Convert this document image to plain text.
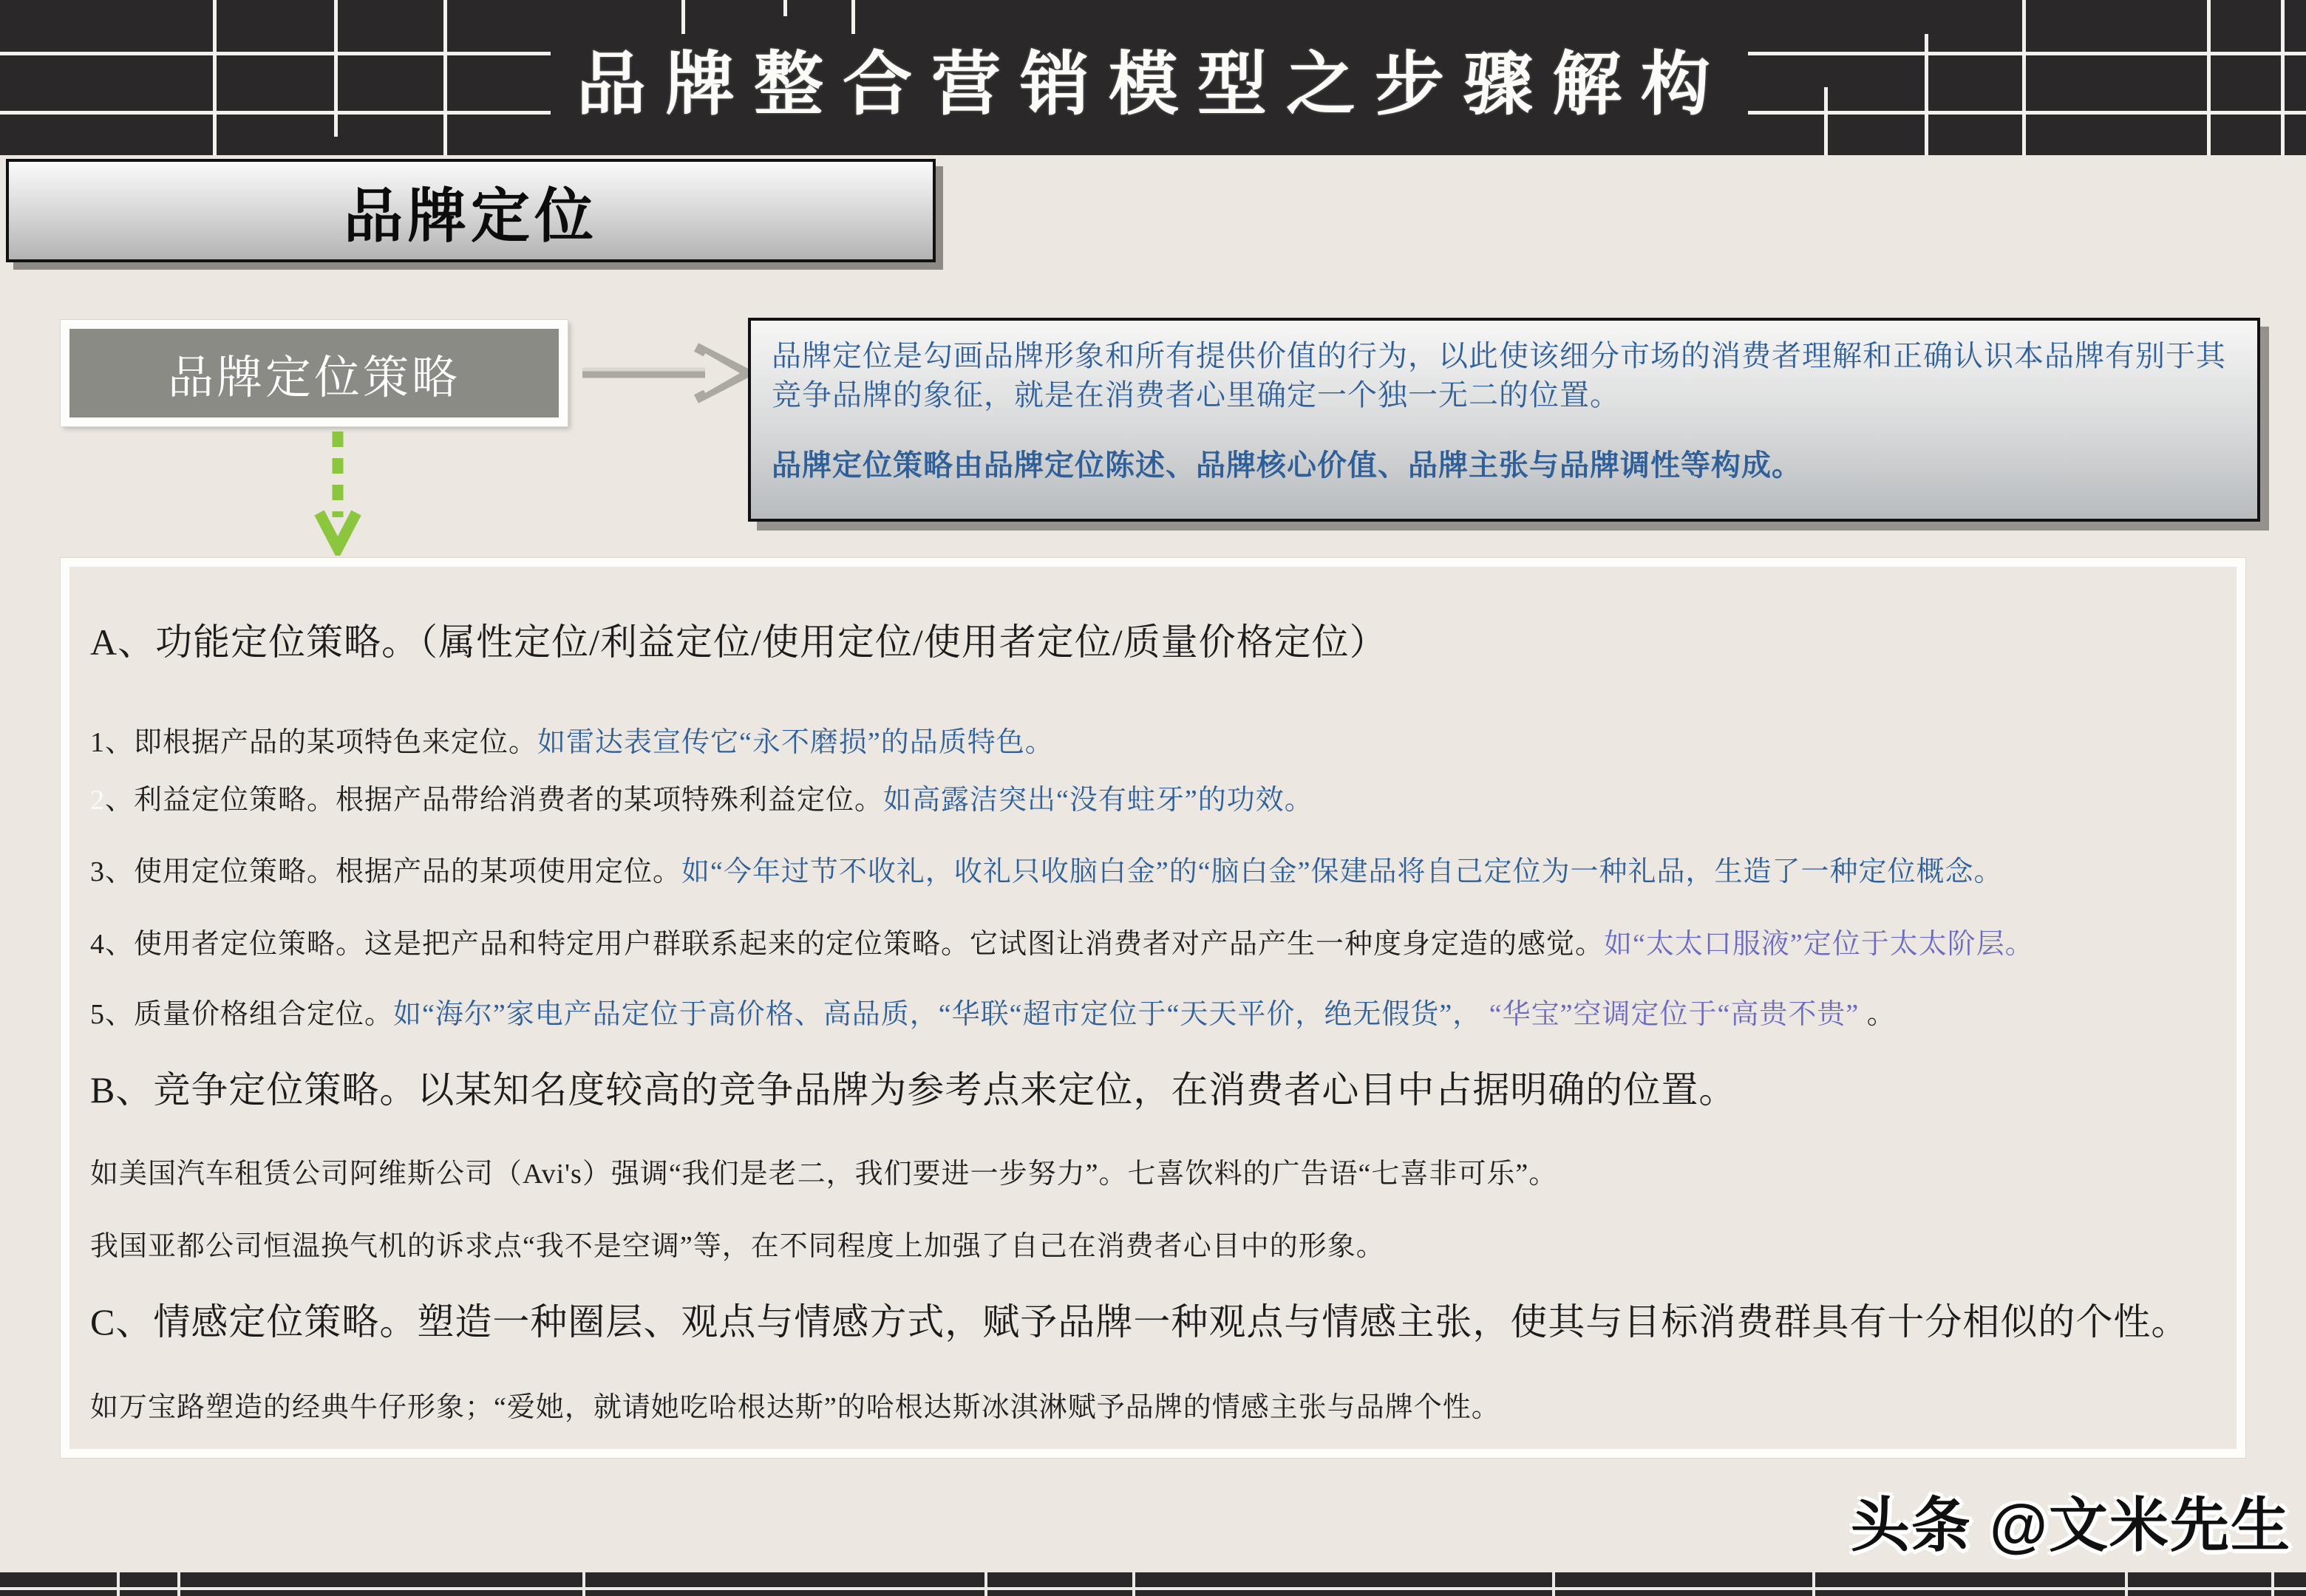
品牌整合营销模型之步骤解构
品牌定位
品牌定位策略	品牌定位是勾画品牌形象和所有提供价值的行为，以此使该细分市场的消费者理解和正确认识本品牌有别于其竞争品牌的象征，就是在消费者心里确定一个独一无二的位置。

品牌定位策略由品牌定位陈述、品牌核心价值、品牌主张与品牌调性等构成。

A、功能定位策略。（属性定位/利益定位/使用定位/使用者定位/质量价格定位）
1、即根据产品的某项特色来定位。如雷达表宣传它“永不磨损”的品质特色。
2、利益定位策略。根据产品带给消费者的某项特殊利益定位。如高露洁突出“没有蛀牙”的功效。
3、使用定位策略。根据产品的某项使用定位。如“今年过节不收礼，收礼只收脑白金”的“脑白金”保建品将自己定位为一种礼品，生造了一种定位概念。
4、使用者定位策略。这是把产品和特定用户群联系起来的定位策略。它试图让消费者对产品产生一种度身定造的感觉。如“太太口服液”定位于太太阶层。
5、质量价格组合定位。如“海尔”家电产品定位于高价格、高品质，“华联“超市定位于“天天平价，绝无假货”， “华宝”空调定位于“高贵不贵” 。
B、竞争定位策略。以某知名度较高的竞争品牌为参考点来定位，在消费者心目中占据明确的位置。
如美国汽车租赁公司阿维斯公司（Avi's）强调“我们是老二，我们要进一步努力”。七喜饮料的广告语“七喜非可乐”。
我国亚都公司恒温换气机的诉求点“我不是空调”等，在不同程度上加强了自己在消费者心目中的形象。
C、情感定位策略。塑造一种圈层、观点与情感方式，赋予品牌一种观点与情感主张，使其与目标消费群具有十分相似的个性。
如万宝路塑造的经典牛仔形象；“爱她，就请她吃哈根达斯”的哈根达斯冰淇淋赋予品牌的情感主张与品牌个性。
头条 @文米先生
